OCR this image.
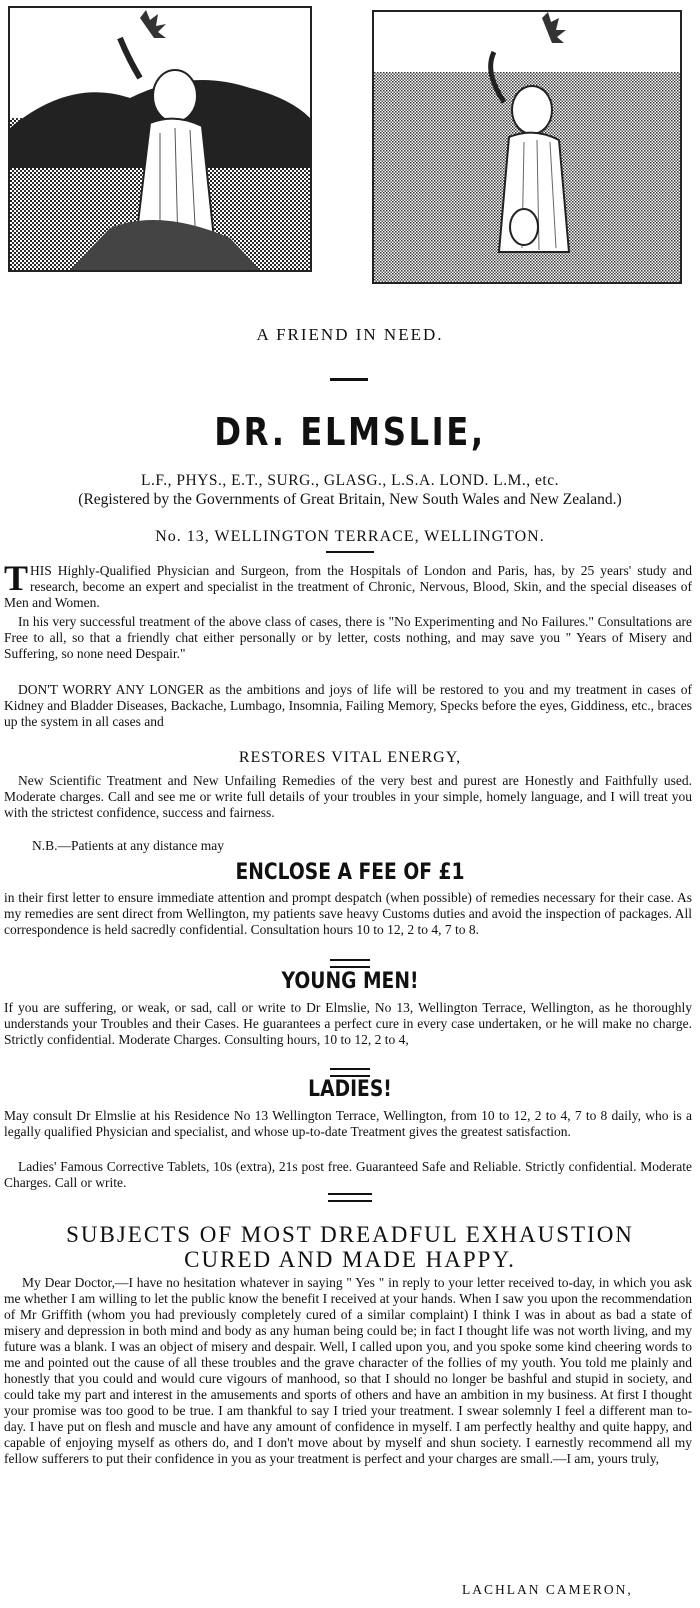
A FRIEND IN NEED.
DR. ELMSLIE,
L.F., PHYS., E.T., SURG., GLASG., L.S.A. LOND. L.M., etc.
(Registered by the Governments of Great Britain, New South Wales and New Zealand.)
No. 13, WELLINGTON TERRACE, WELLINGTON.

THIS Highly-Qualified Physician and Surgeon, from the Hospitals of London and Paris, has, by 25 years' study and research, become an expert and specialist in the treatment of Chronic, Nervous, Blood, Skin, and the special diseases of Men and Women.

In his very successful treatment of the above class of cases, there is "No Experimenting and No Failures." Consultations are Free to all, so that a friendly chat either personally or by letter, costs nothing, and may save you " Years of Misery and Suffering, so none need Despair."

DON'T WORRY ANY LONGER as the ambitions and joys of life will be restored to you and my treatment in cases of Kidney and Bladder Diseases, Backache, Lumbago, Insomnia, Failing Memory, Specks before the eyes, Giddiness, etc., braces up the system in all cases and

RESTORES VITAL ENERGY,

New Scientific Treatment and New Unfailing Remedies of the very best and purest are Honestly and Faithfully used. Moderate charges. Call and see me or write full details of your troubles in your simple, homely language, and I will treat you with the strictest confidence, success and fairness.

N.B.—Patients at any distance may

ENCLOSE A FEE OF £1

in their first letter to ensure immediate attention and prompt despatch (when possible) of remedies necessary for their case. As my remedies are sent direct from Wellington, my patients save heavy Customs duties and avoid the inspection of packages. All correspondence is held sacredly confidential. Consultation hours 10 to 12, 2 to 4, 7 to 8.

YOUNG MEN!

If you are suffering, or weak, or sad, call or write to Dr Elmslie, No 13, Wellington Terrace, Wellington, as he thoroughly understands your Troubles and their Cases. He guarantees a perfect cure in every case undertaken, or he will make no charge. Strictly confidential. Moderate Charges. Consulting hours, 10 to 12, 2 to 4,

LADIES!

May consult Dr Elmslie at his Residence No 13 Wellington Terrace, Wellington, from 10 to 12, 2 to 4, 7 to 8 daily, who is a legally qualified Physician and specialist, and whose up-to-date Treatment gives the greatest satisfaction.

Ladies' Famous Corrective Tablets, 10s (extra), 21s post free. Guaranteed Safe and Reliable. Strictly confidential. Moderate Charges. Call or write.

SUBJECTS OF MOST DREADFUL EXHAUSTION
CURED AND MADE HAPPY.

My Dear Doctor,—I have no hesitation whatever in saying " Yes " in reply to your letter received to-day, in which you ask me whether I am willing to let the public know the benefit I received at your hands. When I saw you upon the recommendation of Mr Griffith (whom you had previously completely cured of a similar complaint) I think I was in about as bad a state of misery and depression in both mind and body as any human being could be; in fact I thought life was not worth living, and my future was a blank. I was an object of misery and despair. Well, I called upon you, and you spoke some kind cheering words to me and pointed out the cause of all these troubles and the grave character of the follies of my youth. You told me plainly and honestly that you could and would cure vigours of manhood, so that I should no longer be bashful and stupid in society, and could take my part and interest in the amusements and sports of others and have an ambition in my business. At first I thought your promise was too good to be true. I am thankful to say I tried your treatment. I swear solemnly I feel a different man to-day. I have put on flesh and muscle and have any amount of confidence in myself. I am perfectly healthy and quite happy, and capable of enjoying myself as others do, and I don't move about by myself and shun society. I earnestly recommend all my fellow sufferers to put their confidence in you as your treatment is perfect and your charges are small.—I am, yours truly,

LACHLAN CAMERON,
